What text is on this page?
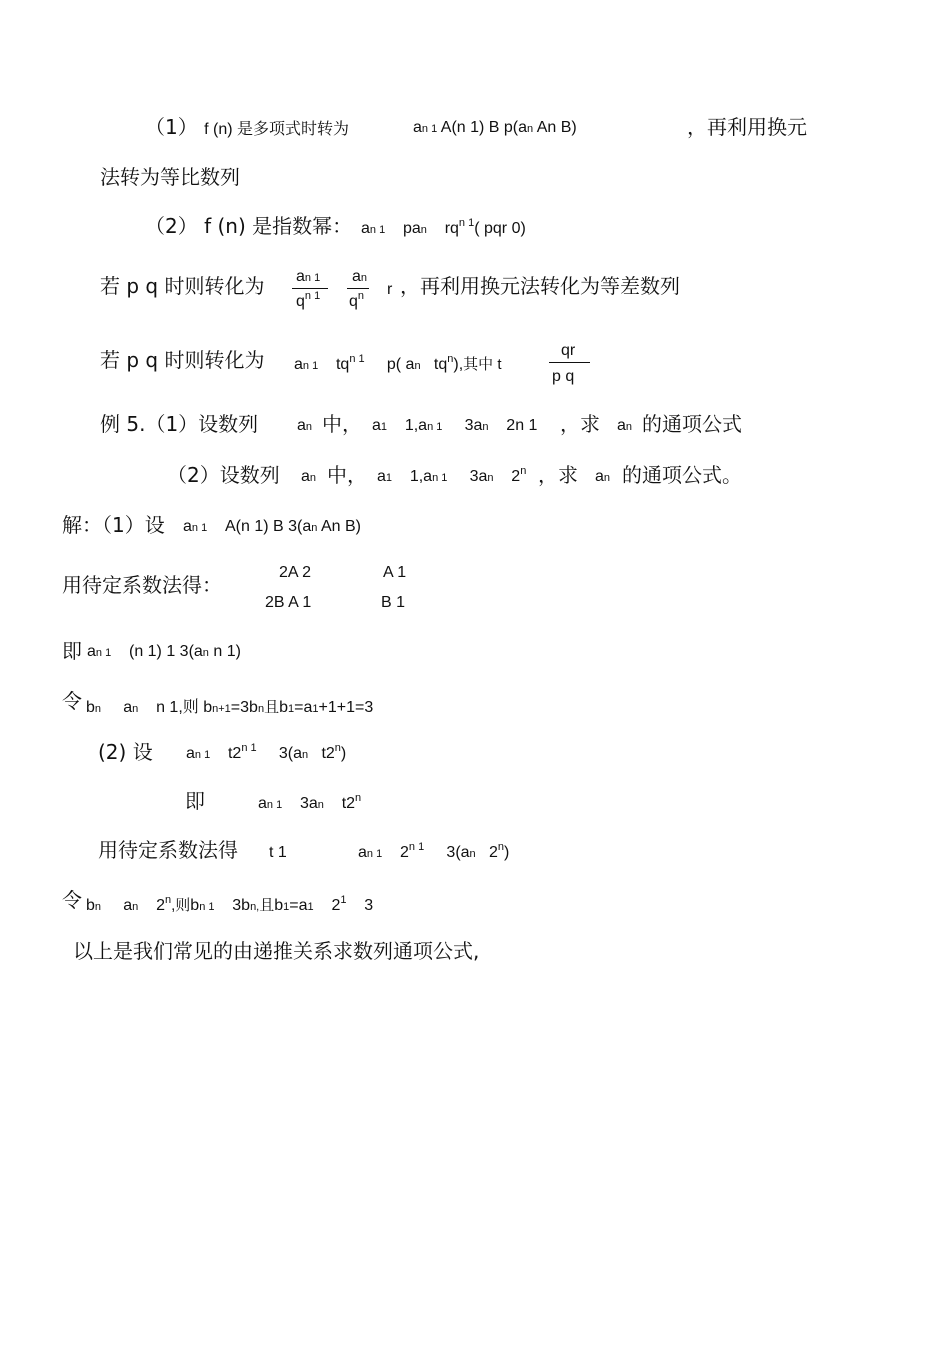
（1） f (n) 是多项式时转为	an 1 A(n 1) B p(an An B)	，再利用换元
法转为等比数列
（2） f (n) 是指数幂： an 1 pan $rq^{n 1}$( pqr 0)
若 p q 时则转化为 an 1
$q^{n 1}$
an
$q^n$ r ，再利用换元法转化为等差数列
若 p q 时则转化为 an 1 $tq^{n 1}$ p( an $tq^n$),其中 t
qr
p q
例 5.（1）设数列 an 中， a1 1,an 1 3an 2n 1 ，求 an 的通项公式
（2）设数列 an 中， a1 1,an 1 3an 2$^n$ ，求 an 的通项公式。
解：（1）设 an 1 A(n 1) B 3(an An B)
用待定系数法得：
2A 2	A 1
2B A 1	B 1
即 an 1 (n 1) 1 3(an n 1)
令 bn an n 1,则 bn+1=3bn且b1=a1+1+1=3
(2) 设 an 1 $t2^{n 1}$ 3(an t2$^n$)
即	an 1 3an t2$^n$
用待定系数法得 t 1	an 1 $2^{n 1}$ 3(an 2$^n$)
令 bn an 2$^n$,则bn 1 3bn,且b1=a1 $2^1$ 3
以上是我们常见的由递推关系求数列通项公式,
